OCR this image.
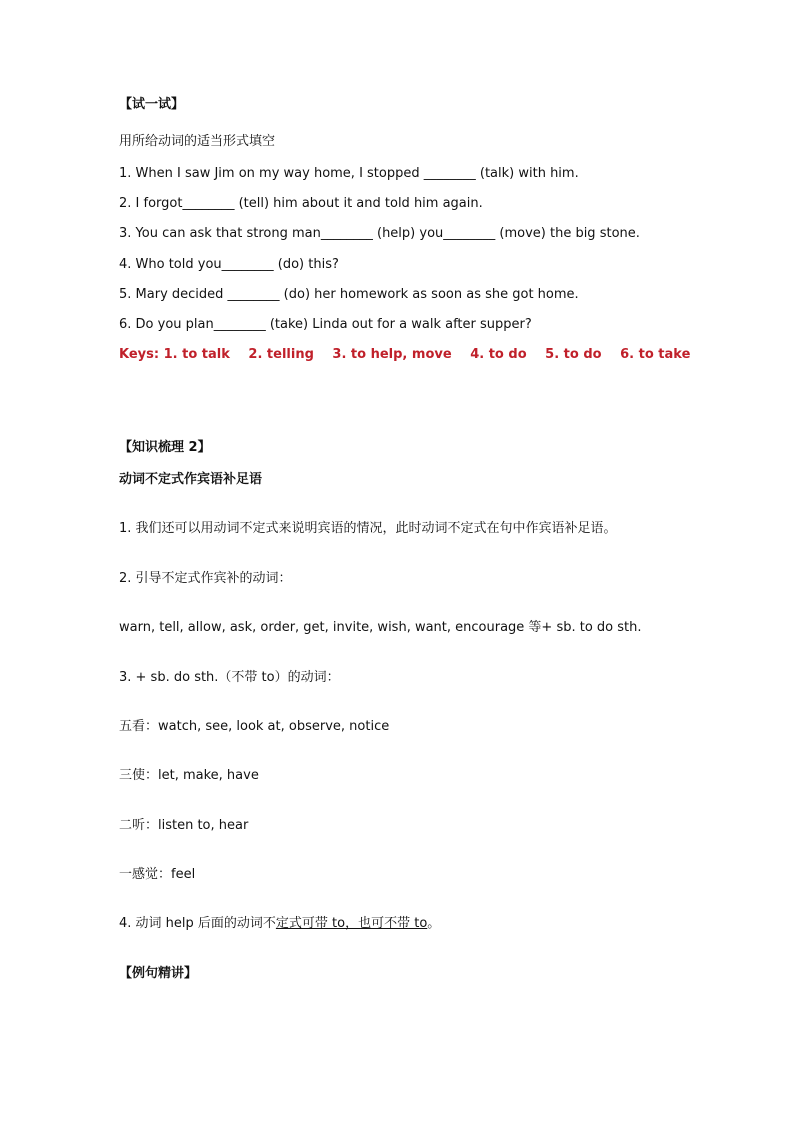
【试一试】
用所给动词的适当形式填空
1. When I saw Jim on my way home, I stopped ________ (talk) with him.
2. I forgot________ (tell) him about it and told him again.
3. You can ask that strong man________ (help) you________ (move) the big stone.
4. Who told you________ (do) this?
5. Mary decided ________ (do) her homework as soon as she got home.
6. Do you plan________ (take) Linda out for a walk after supper?
Keys: 1. to talk 2. telling 3. to help, move 4. to do 5. to do 6. to take
【知识梳理 2】
动词不定式作宾语补足语
1. 我们还可以用动词不定式来说明宾语的情况，此时动词不定式在句中作宾语补足语。
2. 引导不定式作宾补的动词：
warn, tell, allow, ask, order, get, invite, wish, want, encourage 等+ sb. to do sth.
3. + sb. do sth.（不带 to）的动词：
五看：watch, see, look at, observe, notice
三使：let, make, have
二听：listen to, hear
一感觉：feel
4. 动词 help 后面的动词不定式可带 to，也可不带 to。
【例句精讲】
